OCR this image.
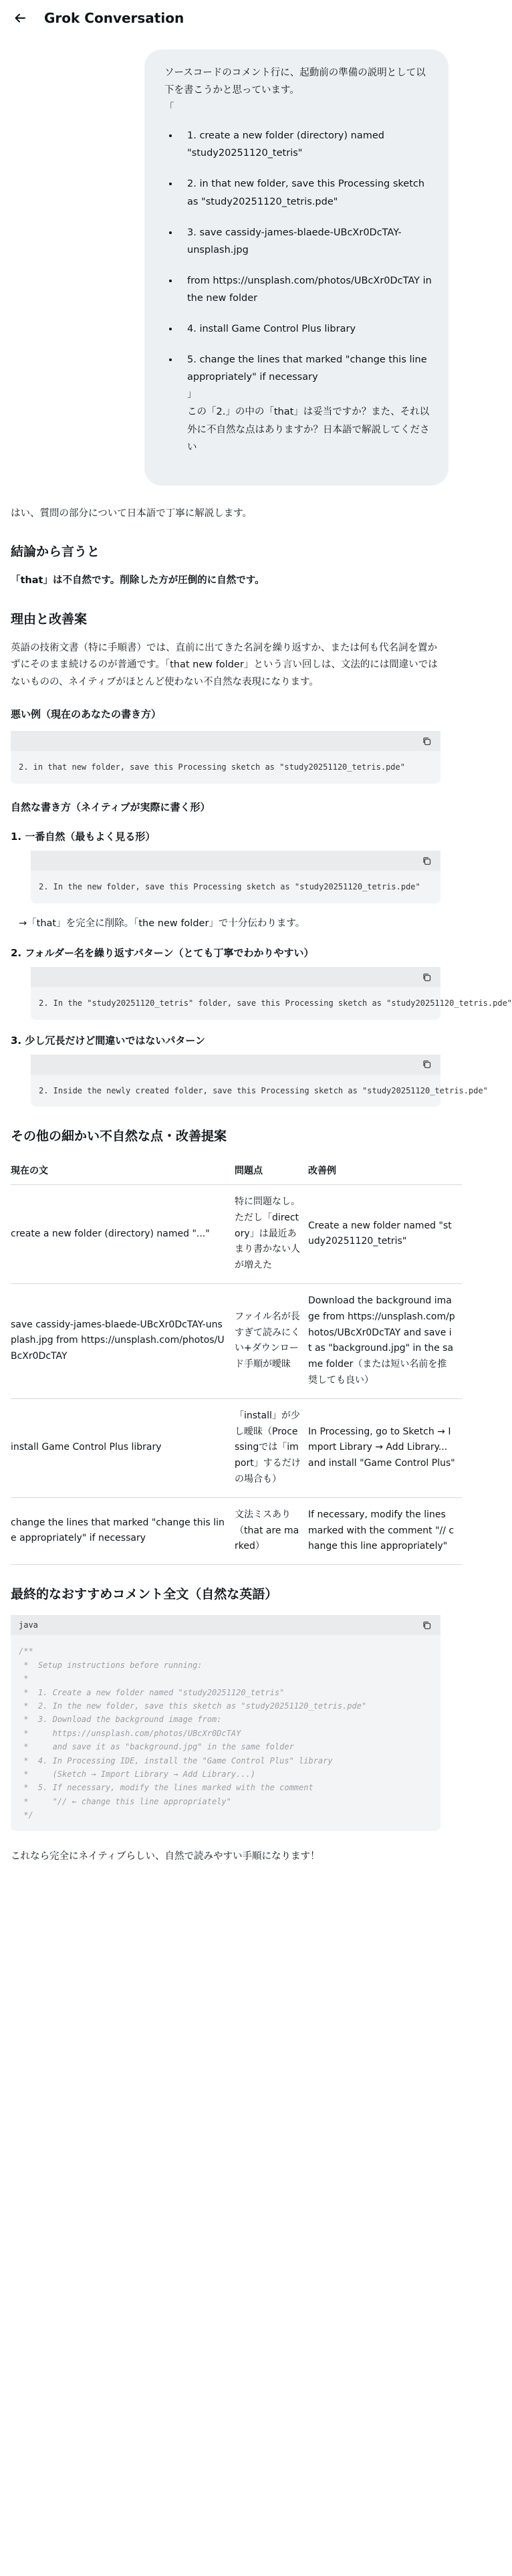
Grok Conversation

ソースコードのコメント行に、起動前の準備の説明として以下を書こうかと思っています。

「

• 1. create a new folder (directory) named "study20251120_tetris"
• 2. in that new folder, save this Processing sketch as "study20251120_tetris.pde"
• 3. save cassidy-james-blaede-UBcXr0DcTAY-unsplash.jpg
• from https://unsplash.com/photos/UBcXr0DcTAY in the new folder
• 4. install Game Control Plus library
• 5. change the lines that marked "change this line appropriately" if necessary
」
この「2.」の中の「that」は妥当ですか？また、それ以外に不自然な点はありますか？日本語で解説してください

はい、質問の部分について日本語で丁寧に解説します。

結論から言うと

「that」は不自然です。削除した方が圧倒的に自然です。

理由と改善案

英語の技術文書（特に手順書）では、直前に出てきた名詞を繰り返すか、または何も代名詞を置かずにそのまま続けるのが普通です。「that new folder」という言い回しは、文法的には間違いではないものの、ネイティブがほとんど使わない不自然な表現になります。

悪い例（現在のあなたの書き方）
2. in that new folder, save this Processing sketch as "study20251120_tetris.pde"
自然な書き方（ネイティブが実際に書く形）
1. 一番自然（最もよく見る形）
2. In the new folder, save this Processing sketch as "study20251120_tetris.pde"

→「that」を完全に削除。「the new folder」で十分伝わります。

2. フォルダー名を繰り返すパターン（とても丁寧でわかりやすい）
2. In the "study20251120_tetris" folder, save this Processing sketch as "study20251120_tetris.pde"
3. 少し冗長だけど間違いではないパターン
2. Inside the newly created folder, save this Processing sketch as "study20251120_tetris.pde"
その他の細かい不自然な点・改善提案
現在の文	問題点	改善例
create a new folder (directory) named "..."	特に問題なし。ただし「directory」は最近あまり書かない人が増えた	Create a new folder named "study20251120_tetris"
save cassidy-james-blaede-UBcXr0DcTAY-unsplash.jpg from https://unsplash.com/photos/UBcXr0DcTAY	ファイル名が長すぎて読みにくい+ダウンロード手順が曖昧	Download the background image from https://unsplash.com/photos/UBcXr0DcTAY and save it as "background.jpg" in the same folder（または短い名前を推奨しても良い）
install Game Control Plus library	「install」が少し曖昧（Processingでは「import」するだけの場合も）	In Processing, go to Sketch → Import Library → Add Library... and install "Game Control Plus"
change the lines that marked "change this line appropriately" if necessary	文法ミスあり（that are marked）	If necessary, modify the lines marked with the comment "// change this line appropriately"
最終的なおすすめコメント全文（自然な英語）
java
/**
*  Setup instructions before running:
*
*  1. Create a new folder named "study20251120_tetris"
*  2. In the new folder, save this sketch as "study20251120_tetris.pde"
*  3. Download the background image from:
*     https://unsplash.com/photos/UBcXr0DcTAY
*     and save it as "background.jpg" in the same folder
*  4. In Processing IDE, install the "Game Control Plus" library
*     (Sketch → Import Library → Add Library...)
*  5. If necessary, modify the lines marked with the comment
*     "// ← change this line appropriately"
*/

これなら完全にネイティブらしい、自然で読みやすい手順になります！
